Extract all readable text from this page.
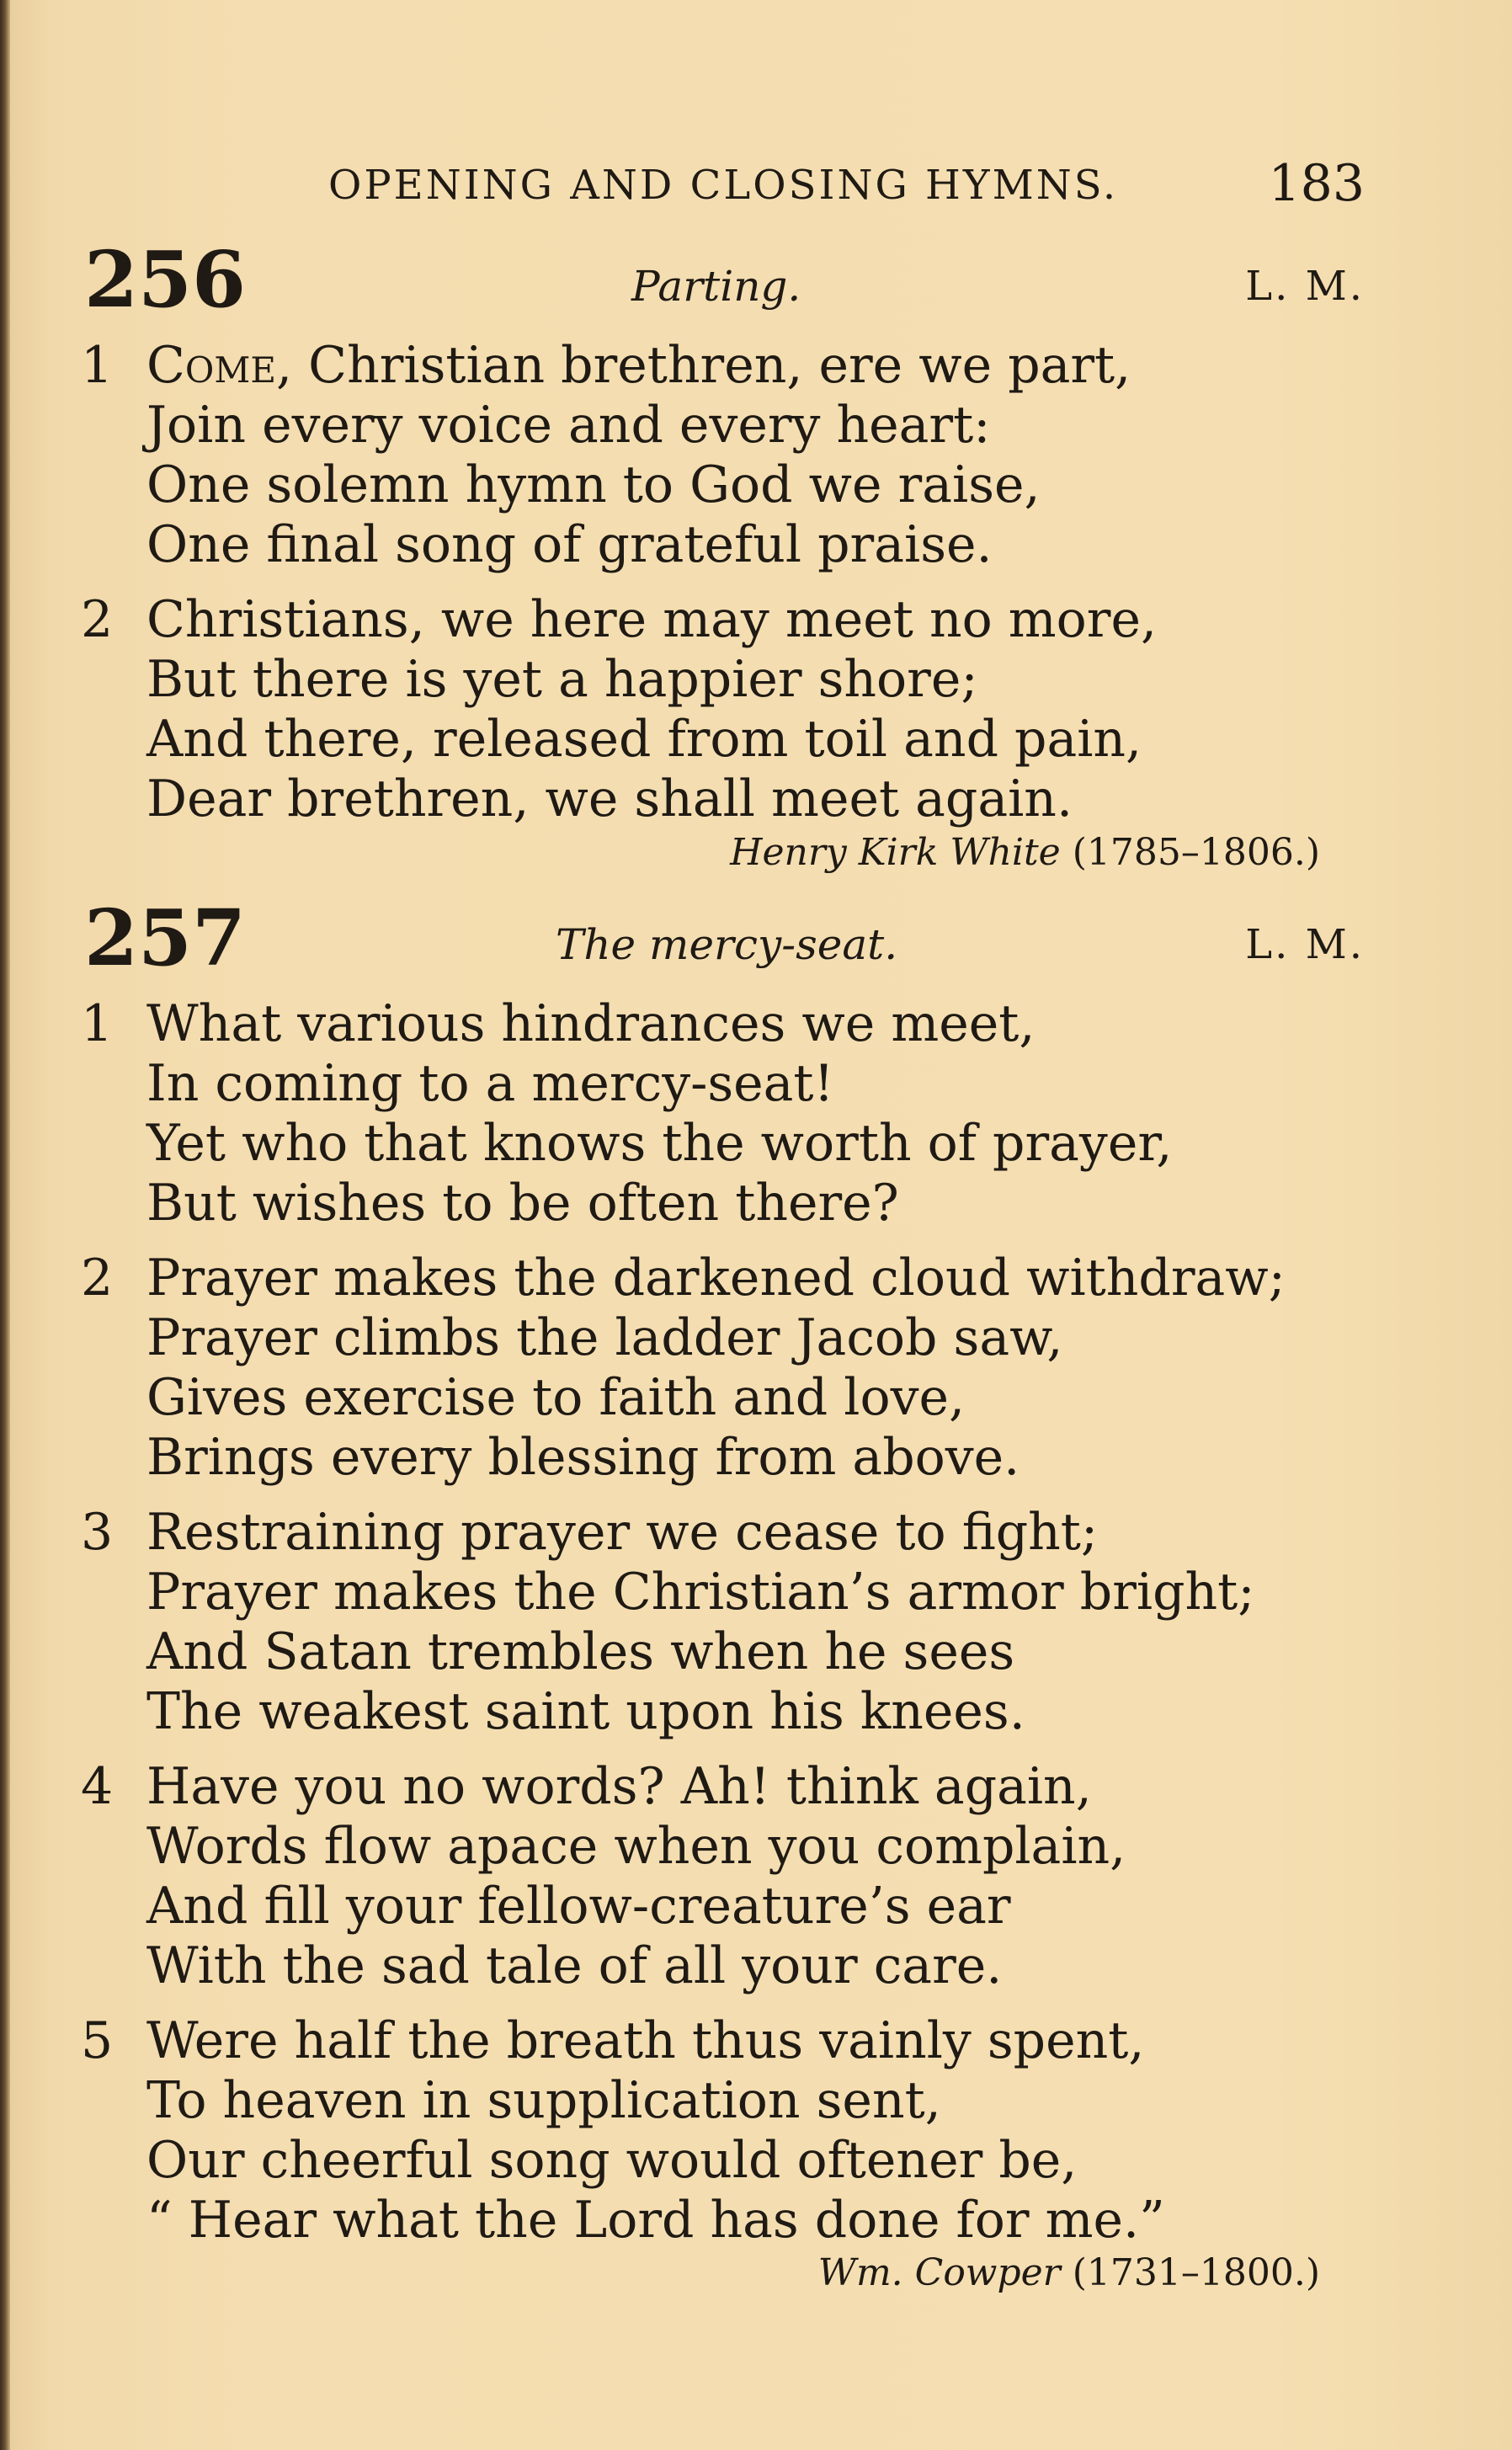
OPENING AND CLOSING HYMNS.	183
256	Parting.	L. M.
1 Come, Christian brethren, ere we part,
Join every voice and every heart:
One solemn hymn to God we raise,
One final song of grateful praise.
2 Christians, we here may meet no more,
But there is yet a happier shore;
And there, released from toil and pain,
Dear brethren, we shall meet again.
Henry Kirk White (1785–1806.)
257	The mercy-seat.	L. M.
1 What various hindrances we meet,
In coming to a mercy-seat!
Yet who that knows the worth of prayer,
But wishes to be often there?
2 Prayer makes the darkened cloud withdraw;
Prayer climbs the ladder Jacob saw,
Gives exercise to faith and love,
Brings every blessing from above.
3 Restraining prayer we cease to fight;
Prayer makes the Christian’s armor bright;
And Satan trembles when he sees
The weakest saint upon his knees.
4 Have you no words? Ah! think again,
Words flow apace when you complain,
And fill your fellow-creature’s ear
With the sad tale of all your care.
5 Were half the breath thus vainly spent,
To heaven in supplication sent,
Our cheerful song would oftener be,
“ Hear what the Lord has done for me.”
Wm. Cowper (1731–1800.)
